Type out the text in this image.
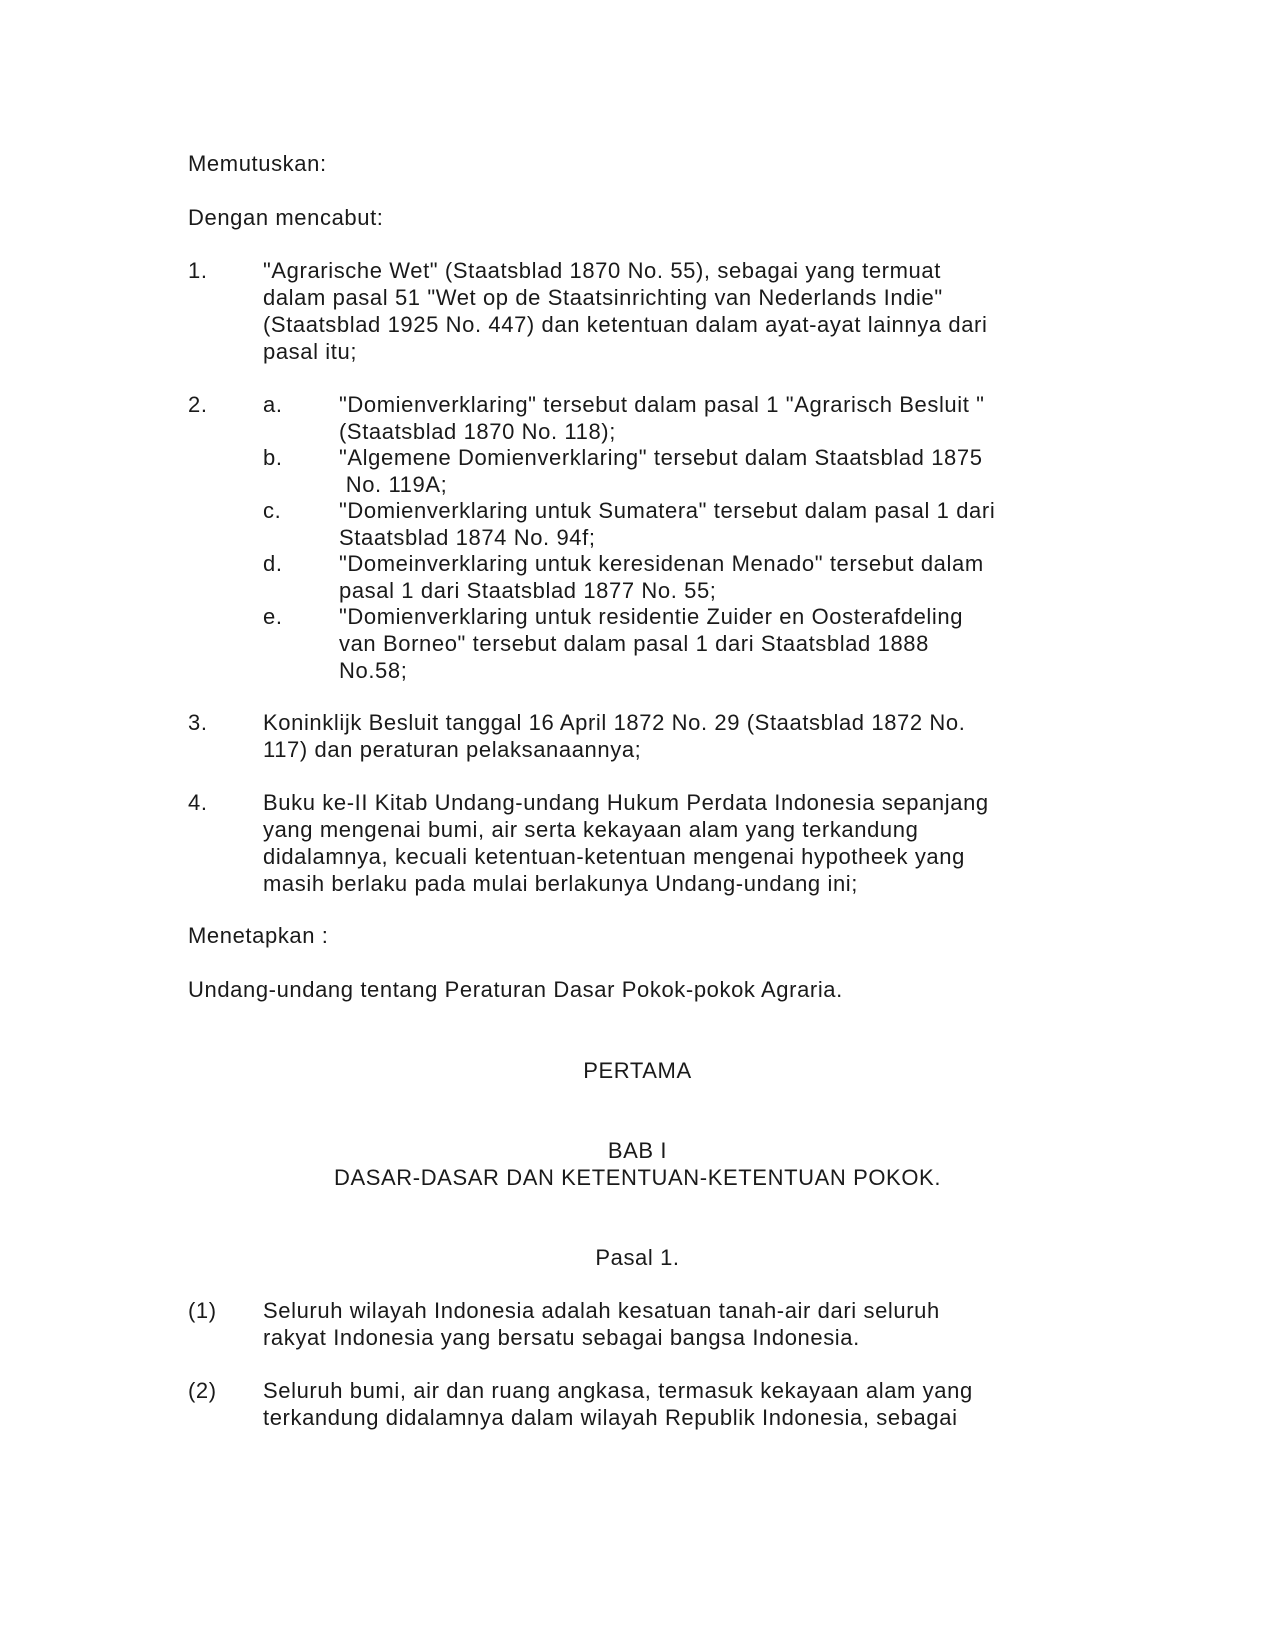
Memutuskan:
Dengan mencabut:
1.	"Agrarische Wet" (Staatsblad 1870 No. 55), sebagai yang termuat
dalam pasal 51 "Wet op de Staatsinrichting van Nederlands Indie"
(Staatsblad 1925 No. 447) dan ketentuan dalam ayat-ayat lainnya dari
pasal itu;
2.	a.	"Domienverklaring" tersebut dalam pasal 1 "Agrarisch Besluit "
(Staatsblad 1870 No. 118);
b.	"Algemene Domienverklaring" tersebut dalam Staatsblad 1875
No. 119A;
c.	"Domienverklaring untuk Sumatera" tersebut dalam pasal 1 dari
Staatsblad 1874 No. 94f;
d.	"Domeinverklaring untuk keresidenan Menado" tersebut dalam
pasal 1 dari Staatsblad 1877 No. 55;
e.	"Domienverklaring untuk residentie Zuider en Oosterafdeling
van Borneo" tersebut dalam pasal 1 dari Staatsblad 1888
No.58;
3.	Koninklijk Besluit tanggal 16 April 1872 No. 29 (Staatsblad 1872 No.
117) dan peraturan pelaksanaannya;
4.	Buku ke-II Kitab Undang-undang Hukum Perdata Indonesia sepanjang
yang mengenai bumi, air serta kekayaan alam yang terkandung
didalamnya, kecuali ketentuan-ketentuan mengenai hypotheek yang
masih berlaku pada mulai berlakunya Undang-undang ini;
Menetapkan :
Undang-undang tentang Peraturan Dasar Pokok-pokok Agraria.
PERTAMA
BAB I
DASAR-DASAR DAN KETENTUAN-KETENTUAN POKOK.
Pasal 1.
(1) Seluruh wilayah Indonesia adalah kesatuan tanah-air dari seluruh
rakyat Indonesia yang bersatu sebagai bangsa Indonesia.
(2) Seluruh bumi, air dan ruang angkasa, termasuk kekayaan alam yang
terkandung didalamnya dalam wilayah Republik Indonesia, sebagai
